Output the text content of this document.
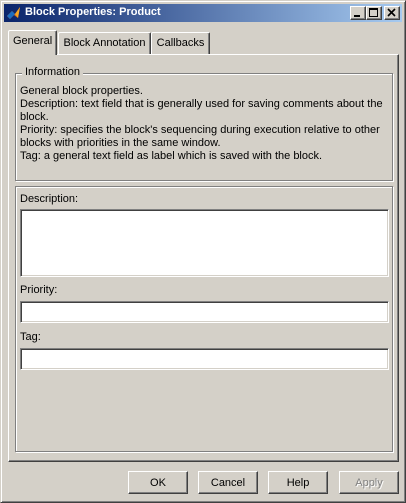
Block Properties: Product
General	Block Annotation	Callbacks
Information
General block properties.
Description: text field that is generally used for saving comments about the
block.
Priority: specifies the block's sequencing during execution relative to other
blocks with priorities in the same window.
Tag: a general text field as label which is saved with the block.
Description:
Priority:
Tag:
OK	Cancel	Help	Apply
